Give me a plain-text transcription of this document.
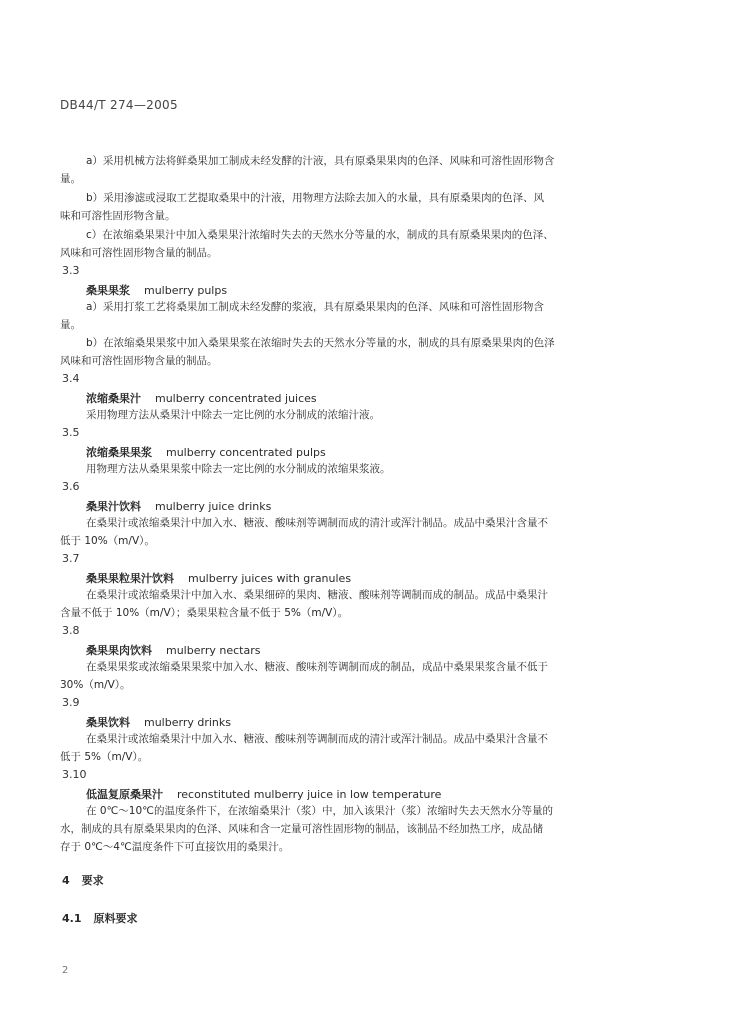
DB44/T 274—2005
a）采用机械方法将鲜桑果加工制成未经发酵的汁液，具有原桑果果肉的色泽、风味和可溶性固形物含
量。
b）采用渗滤或浸取工艺提取桑果中的汁液，用物理方法除去加入的水量，具有原桑果肉的色泽、风
味和可溶性固形物含量。
c）在浓缩桑果果汁中加入桑果果汁浓缩时失去的天然水分等量的水，制成的具有原桑果果肉的色泽、
风味和可溶性固形物含量的制品。
3.3
桑果果浆 mulberry pulps
a）采用打浆工艺将桑果加工制成未经发酵的浆液，具有原桑果果肉的色泽、风味和可溶性固形物含
量。
b）在浓缩桑果果浆中加入桑果果浆在浓缩时失去的天然水分等量的水，制成的具有原桑果果肉的色泽
风味和可溶性固形物含量的制品。
3.4
浓缩桑果汁 mulberry concentrated juices
采用物理方法从桑果汁中除去一定比例的水分制成的浓缩汁液。
3.5
浓缩桑果果浆 mulberry concentrated pulps
用物理方法从桑果果浆中除去一定比例的水分制成的浓缩果浆液。
3.6
桑果汁饮料 mulberry juice drinks
在桑果汁或浓缩桑果汁中加入水、糖液、酸味剂等调制而成的清汁或浑汁制品。成品中桑果汁含量不
低于 10%（m/V）。
3.7
桑果果粒果汁饮料 mulberry juices with granules
在桑果汁或浓缩桑果汁中加入水、桑果细碎的果肉、糖液、酸味剂等调制而成的制品。成品中桑果汁
含量不低于 10%（m/V）；桑果果粒含量不低于 5%（m/V）。
3.8
桑果果肉饮料 mulberry nectars
在桑果果浆或浓缩桑果果浆中加入水、糖液、酸味剂等调制而成的制品，成品中桑果果浆含量不低于
30%（m/V）。
3.9
桑果饮料 mulberry drinks
在桑果汁或浓缩桑果汁中加入水、糖液、酸味剂等调制而成的清汁或浑汁制品。成品中桑果汁含量不
低于 5%（m/V）。
3.10
低温复原桑果汁 reconstituted mulberry juice in low temperature
在 0℃～10℃的温度条件下，在浓缩桑果汁（浆）中，加入该果汁（浆）浓缩时失去天然水分等量的
水，制成的具有原桑果果肉的色泽、风味和含一定量可溶性固形物的制品，该制品不经加热工序，成品储
存于 0℃～4℃温度条件下可直接饮用的桑果汁。
4 要求
4.1 原料要求
2
